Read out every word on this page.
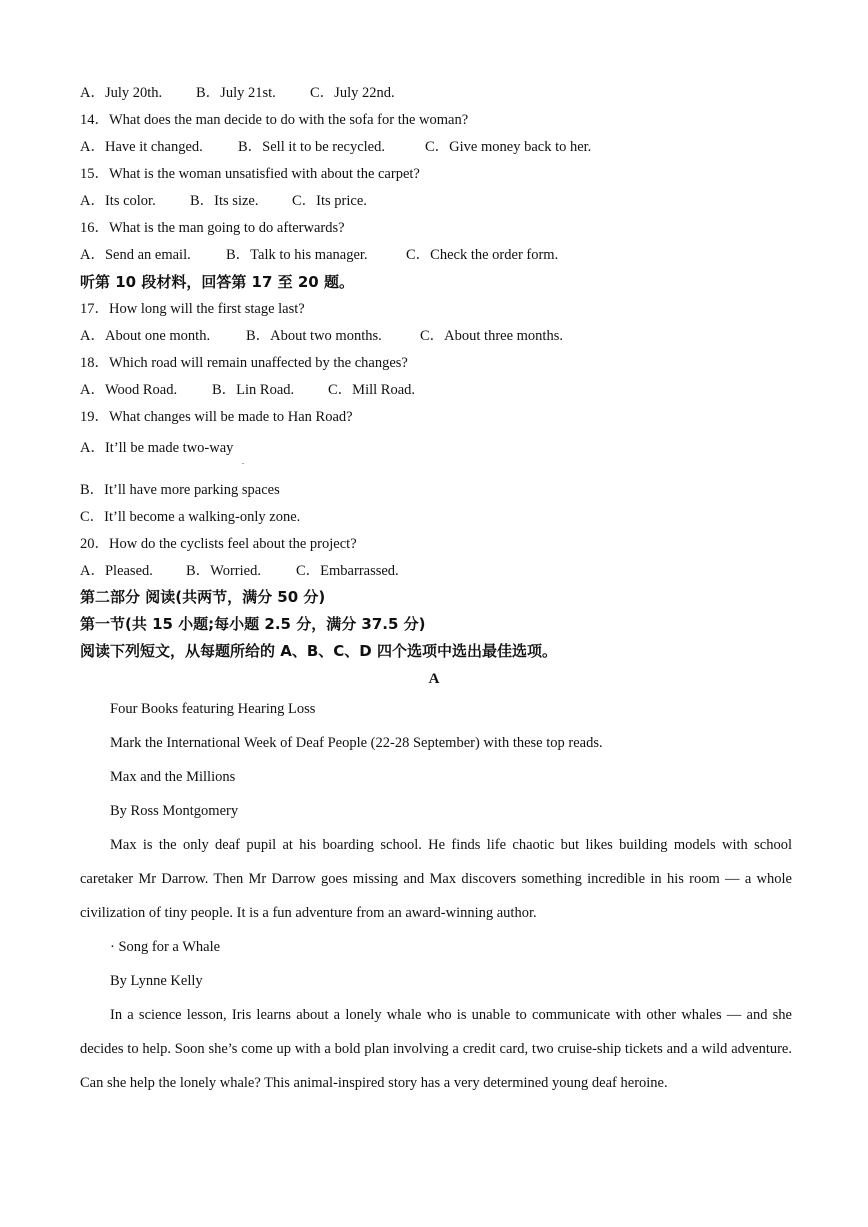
A．July 20th. B．July 21st. C．July 22nd.
14．What does the man decide to do with the sofa for the woman?
A．Have it changed. B．Sell it to be recycled.	C．Give money back to her.
15．What is the woman unsatisfied with about the carpet?
A．Its color. B．Its size. C．Its price.
16．What is the man going to do afterwards?
A．Send an email. B．Talk to his manager.	C．Check the order form.
听第 10 段材料，回答第 17 至 20 题。
17．How long will the first stage last?
A．About one month. B．About two months.	C．About three months.
18．Which road will remain unaffected by the changes?
A．Wood Road. B．Lin Road. C．Mill Road.
19．What changes will be made to Han Road?
A．It’ll be made two-way
.
B．It’ll have more parking spaces
C．It’ll become a walking-only zone.
20．How do the cyclists feel about the project?
A．Pleased. B．Worried. C．Embarrassed.
第二部分 阅读(共两节，满分 50 分)
第一节(共 15 小题;每小题 2.5 分，满分 37.5 分)
阅读下列短文，从每题所给的 A、B、C、D 四个选项中选出最佳选项。
A
Four Books featuring Hearing Loss
Mark the International Week of Deaf People (22-28 September) with these top reads.
Max and the Millions
By Ross Montgomery
Max is the only deaf pupil at his boarding school. He finds life chaotic but likes building models with school caretaker Mr Darrow. Then Mr Darrow goes missing and Max discovers something incredible in his room — a whole civilization of tiny people. It is a fun adventure from an award-winning author.
· Song for a Whale
By Lynne Kelly
In a science lesson, Iris learns about a lonely whale who is unable to communicate with other whales — and she decides to help. Soon she’s come up with a bold plan involving a credit card, two cruise-ship tickets and a wild adventure. Can she help the lonely whale? This animal-inspired story has a very determined young deaf heroine.
